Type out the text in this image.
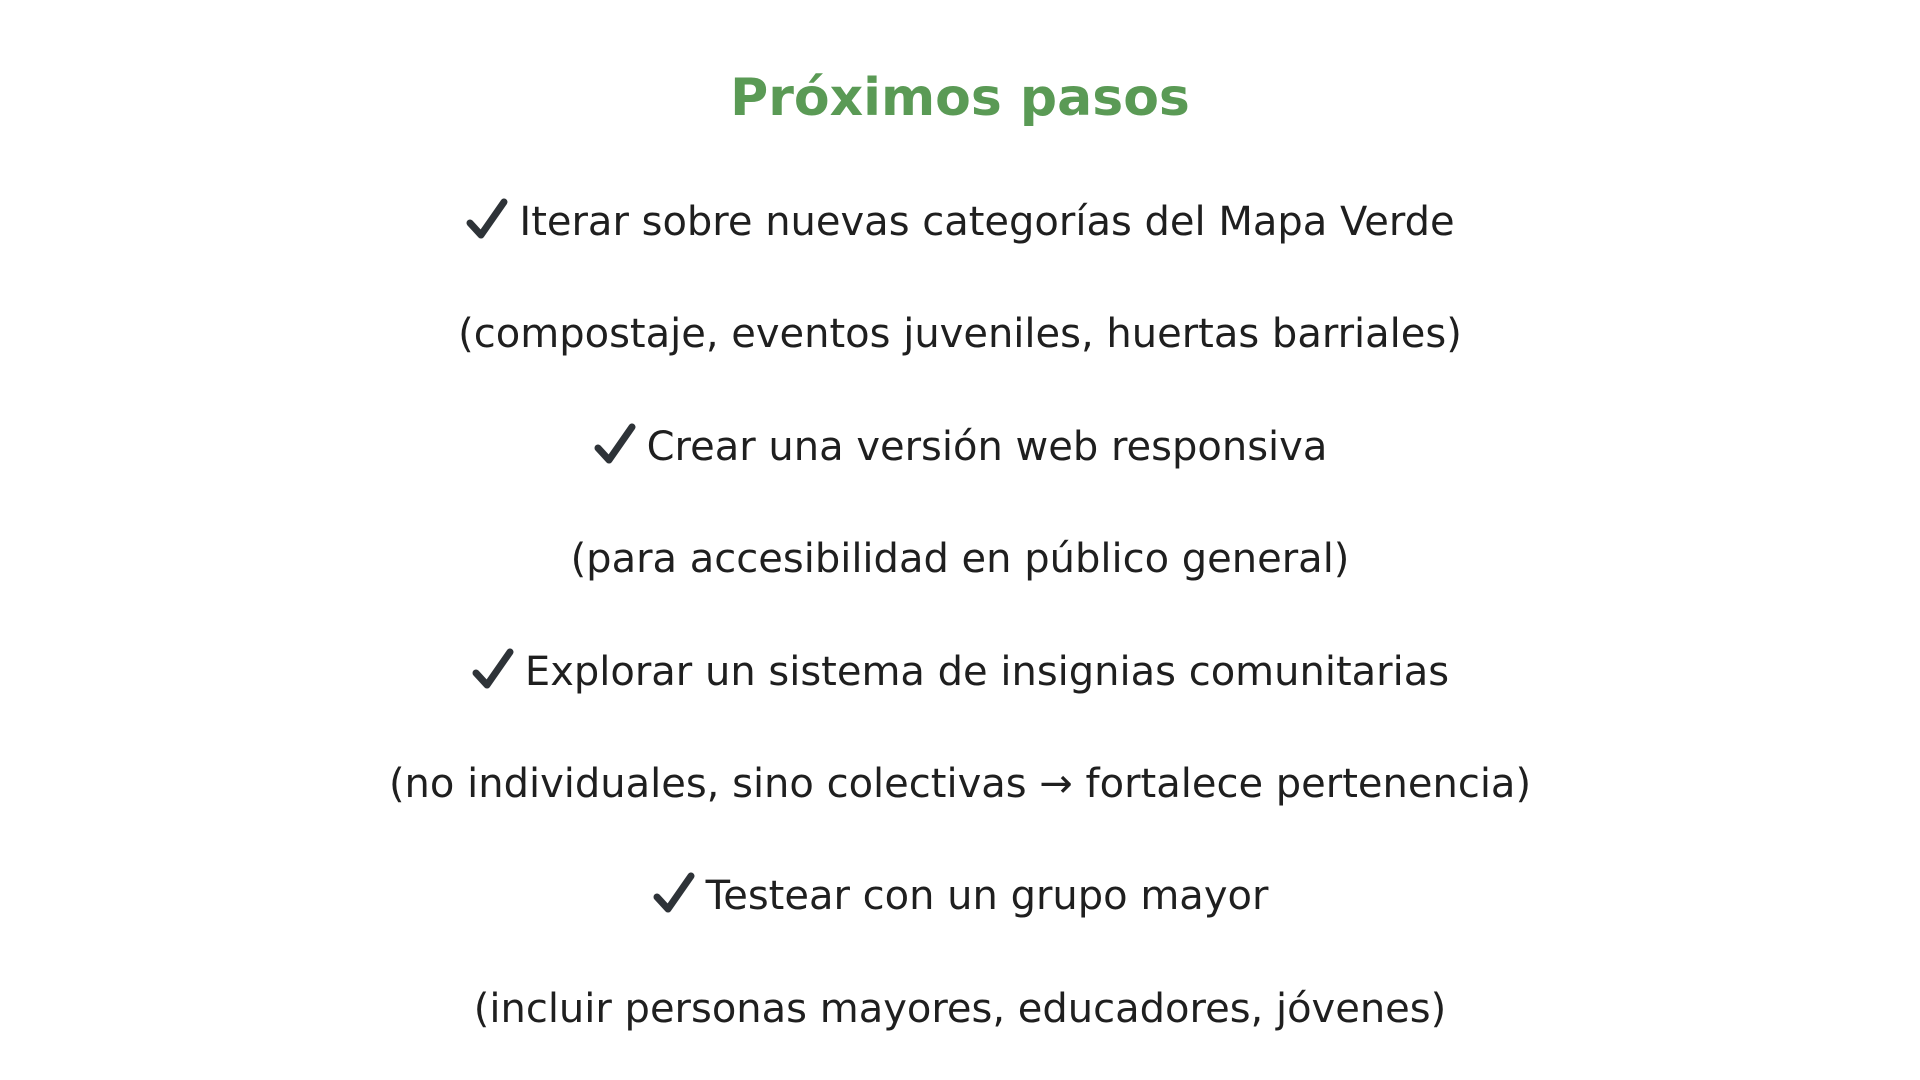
Próximos pasos
Iterar sobre nuevas categorías del Mapa Verde
(compostaje, eventos juveniles, huertas barriales)
Crear una versión web responsiva
(para accesibilidad en público general)
Explorar un sistema de insignias comunitarias
(no individuales, sino colectivas → fortalece pertenencia)
Testear con un grupo mayor
(incluir personas mayores, educadores, jóvenes)
